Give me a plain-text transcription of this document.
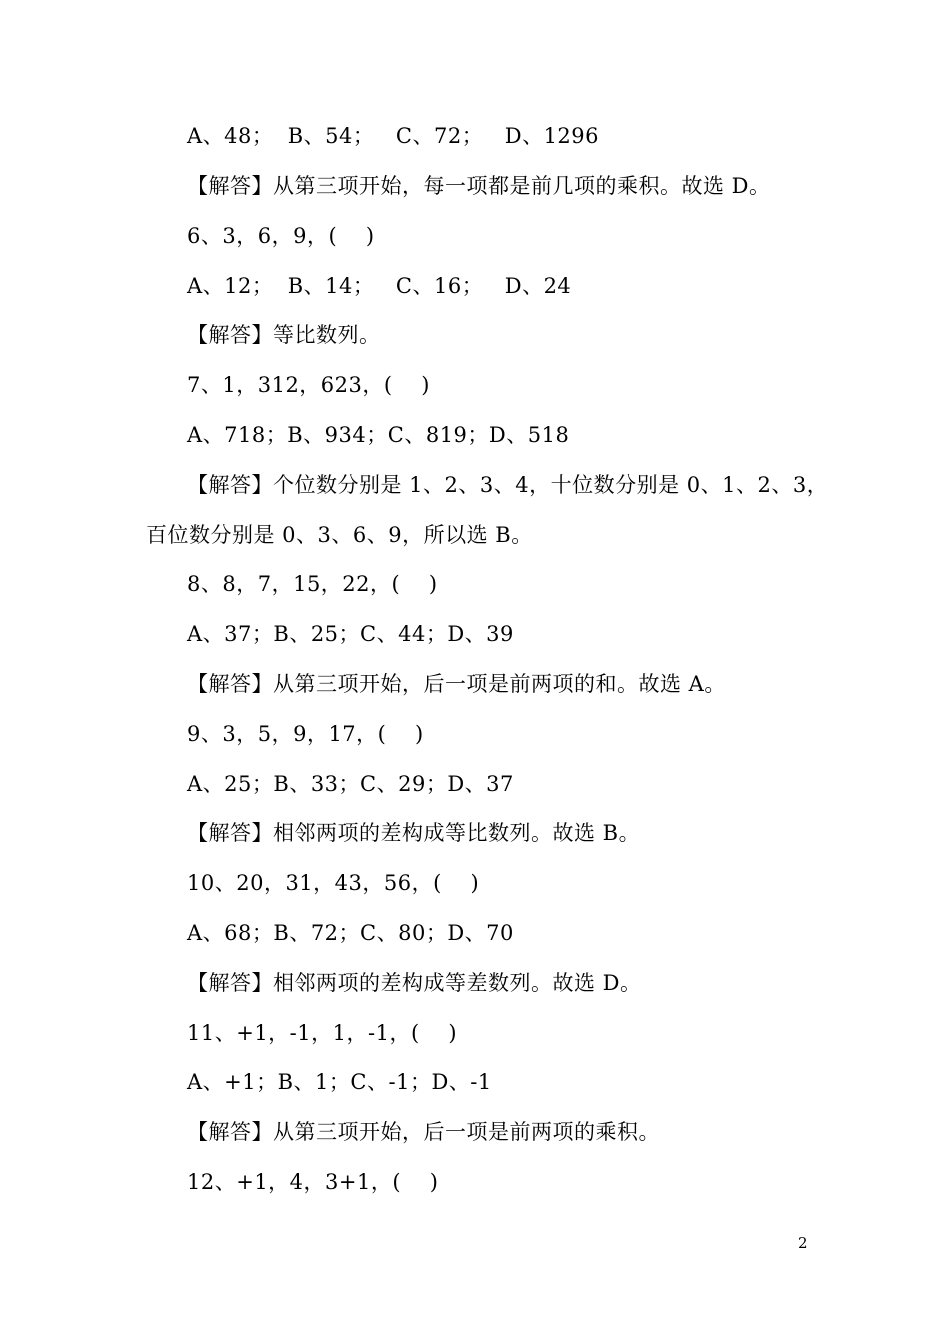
A、48；  B、54；   C、72；   D、1296
【解答】从第三项开始，每一项都是前几项的乘积。故选 D。
6、3，6，9，(    )
A、12；  B、14；   C、16；   D、24
【解答】等比数列。
7、1，312，623，(    )
A、718；B、934；C、819；D、518
【解答】个位数分别是 1、2、3、4，十位数分别是 0、1、2、3，
百位数分别是 0、3、6、9，所以选 B。
8、8，7，15，22，(    )
A、37；B、25；C、44；D、39
【解答】从第三项开始，后一项是前两项的和。故选 A。
9、3，5，9，17，(    )
A、25；B、33；C、29；D、37
【解答】相邻两项的差构成等比数列。故选 B。
10、20，31，43，56，(    )
A、68；B、72；C、80；D、70
【解答】相邻两项的差构成等差数列。故选 D。
11、+1，-1，1，-1，(    )
A、+1；B、1；C、-1；D、-1
【解答】从第三项开始，后一项是前两项的乘积。
12、+1，4，3+1，(    )
2
